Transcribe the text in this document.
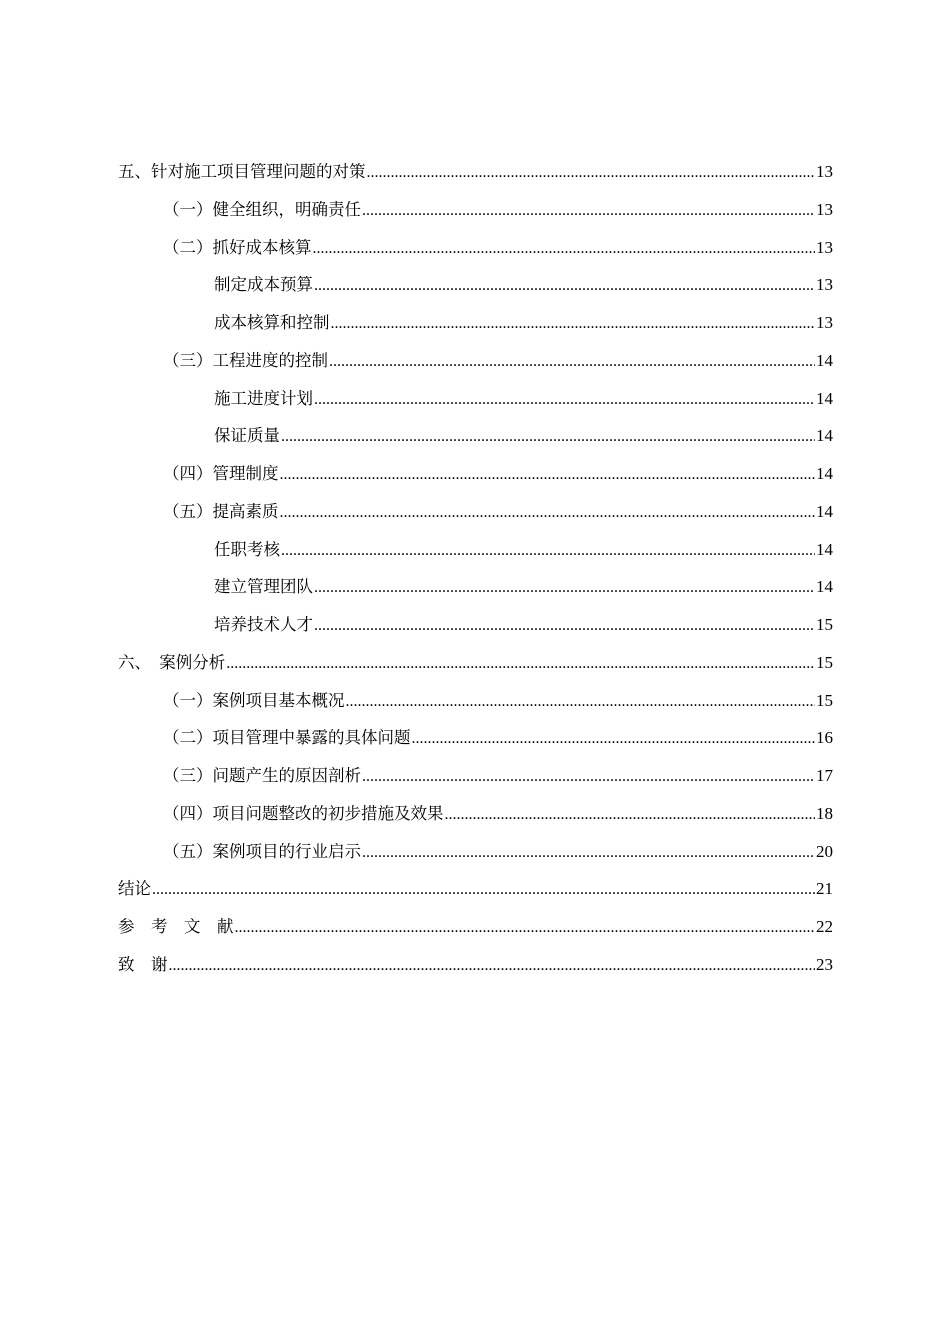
五、针对施工项目管理问题的对策 .....	13
（一）健全组织，明确责任 .....	13
（二）抓好成本核算 .....	13
制定成本预算 .....	13
成本核算和控制 .....	13
（三）工程进度的控制 .....	14
施工进度计划 .....	14
保证质量 .....	14
（四）管理制度 .....	14
（五）提高素质 .....	14
任职考核 .....	14
建立管理团队 .....	14
培养技术人才 .....	15
六、　案例分析 .....	15
（一）案例项目基本概况 .....	15
（二）项目管理中暴露的具体问题 .....	16
（三）问题产生的原因剖析 .....	17
（四）项目问题整改的初步措施及效果 .....	18
（五）案例项目的行业启示 .....	20
结论 .....	21
参　考　文　献 .....	22
致　谢 .....	23
